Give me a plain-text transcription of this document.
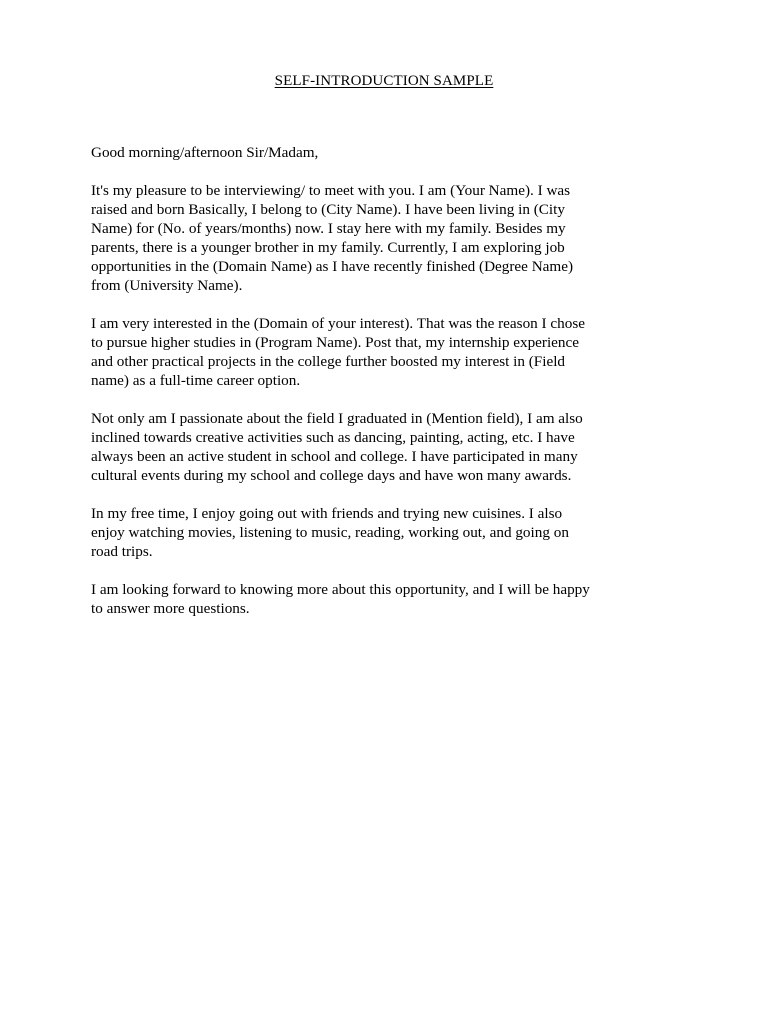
SELF-INTRODUCTION SAMPLE
Good morning/afternoon Sir/Madam,
It's my pleasure to be interviewing/ to meet with you. I am (Your Name). I was
raised and born Basically, I belong to (City Name). I have been living in (City
Name) for (No. of years/months) now. I stay here with my family. Besides my
parents, there is a younger brother in my family. Currently, I am exploring job
opportunities in the (Domain Name) as I have recently finished (Degree Name)
from (University Name).
I am very interested in the (Domain of your interest). That was the reason I chose
to pursue higher studies in (Program Name). Post that, my internship experience
and other practical projects in the college further boosted my interest in (Field
name) as a full-time career option.
Not only am I passionate about the field I graduated in (Mention field), I am also
inclined towards creative activities such as dancing, painting, acting, etc. I have
always been an active student in school and college. I have participated in many
cultural events during my school and college days and have won many awards.
In my free time, I enjoy going out with friends and trying new cuisines. I also
enjoy watching movies, listening to music, reading, working out, and going on
road trips.
I am looking forward to knowing more about this opportunity, and I will be happy
to answer more questions.
